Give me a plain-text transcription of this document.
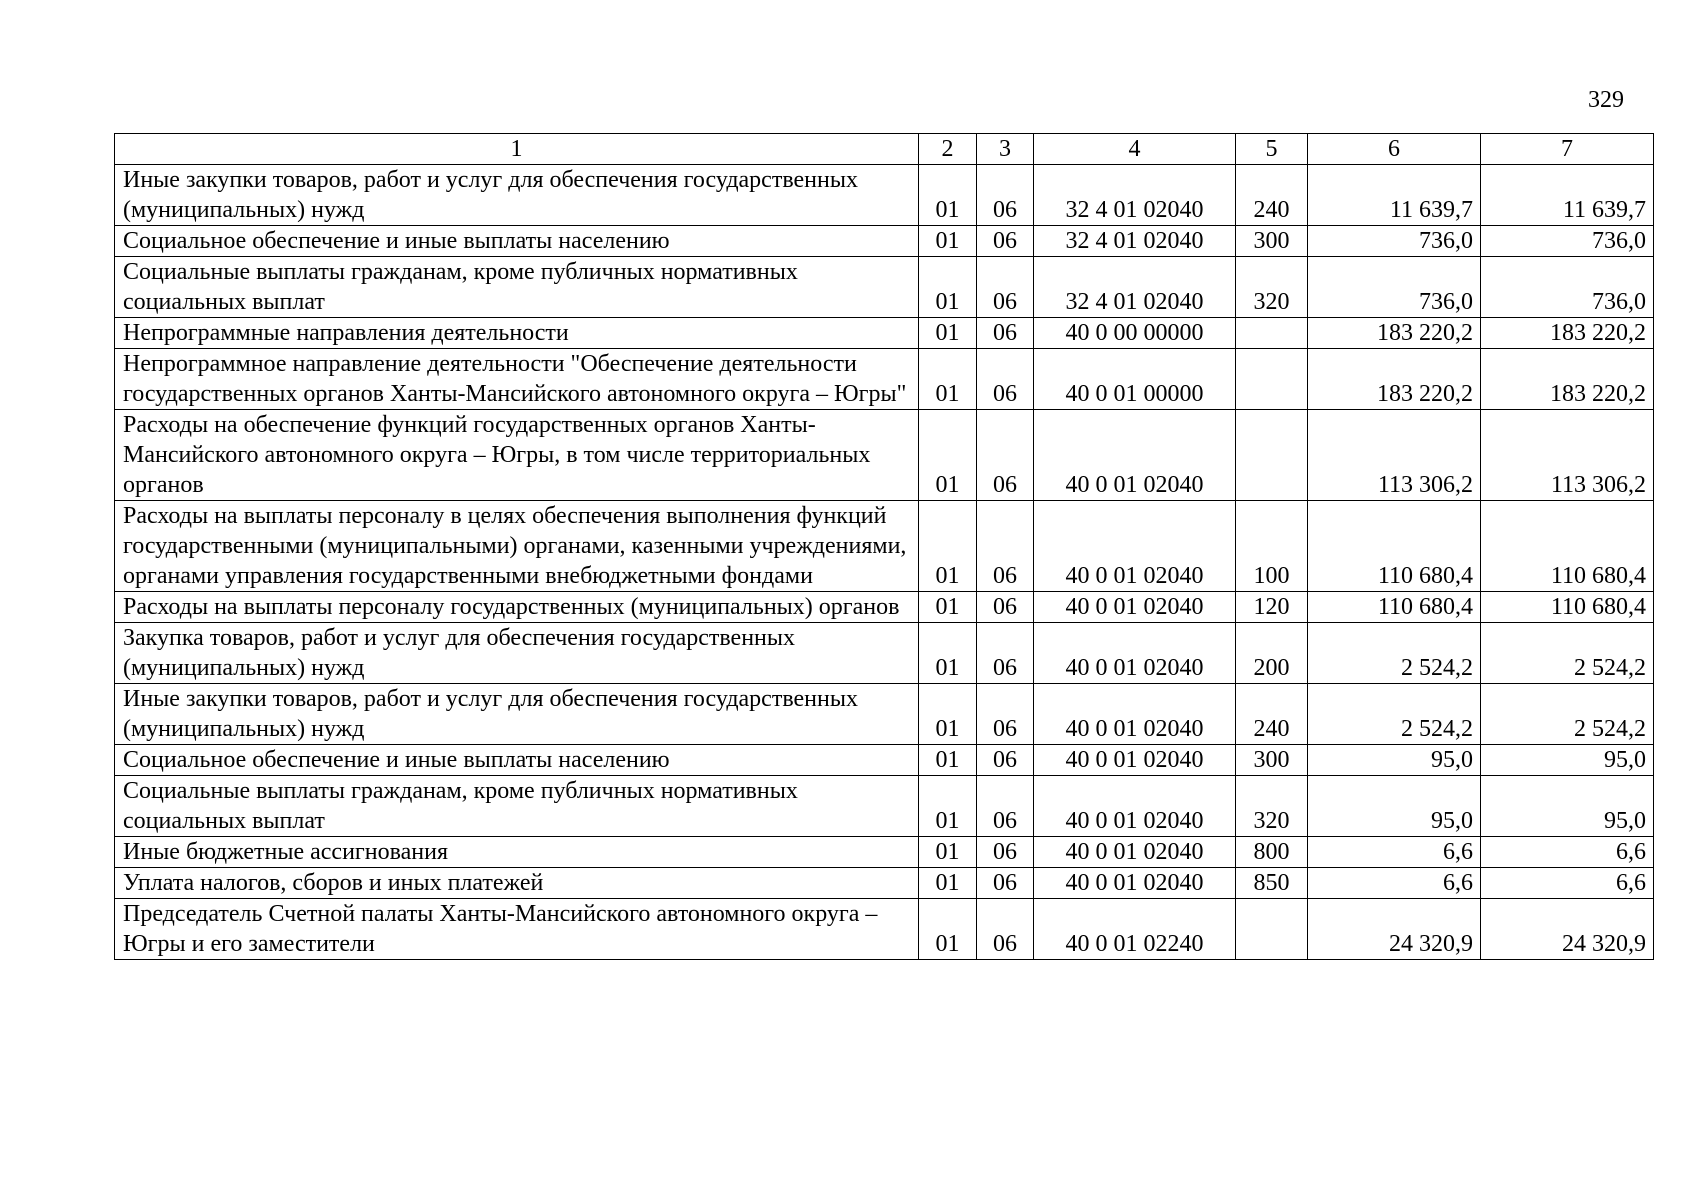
329
1	2	3	4	5	6	7
Иные закупки товаров, работ и услуг для обеспечения государственных (муниципальных) нужд	01	06	32 4 01 02040	240	11 639,7	11 639,7
Социальное обеспечение и иные выплаты населению	01	06	32 4 01 02040	300	736,0	736,0
Социальные выплаты гражданам, кроме публичных нормативных социальных выплат	01	06	32 4 01 02040	320	736,0	736,0
Непрограммные направления деятельности	01	06	40 0 00 00000		183 220,2	183 220,2
Непрограммное направление деятельности "Обеспечение деятельности государственных органов Ханты-Мансийского автономного округа – Югры"	01	06	40 0 01 00000		183 220,2	183 220,2
Расходы на обеспечение функций государственных органов Ханты-Мансийского автономного округа – Югры, в том числе территориальных органов	01	06	40 0 01 02040		113 306,2	113 306,2
Расходы на выплаты персоналу в целях обеспечения выполнения функций государственными (муниципальными) органами, казенными учреждениями, органами управления государственными внебюджетными фондами	01	06	40 0 01 02040	100	110 680,4	110 680,4
Расходы на выплаты персоналу государственных (муниципальных) органов	01	06	40 0 01 02040	120	110 680,4	110 680,4
Закупка товаров, работ и услуг для обеспечения государственных (муниципальных) нужд	01	06	40 0 01 02040	200	2 524,2	2 524,2
Иные закупки товаров, работ и услуг для обеспечения государственных (муниципальных) нужд	01	06	40 0 01 02040	240	2 524,2	2 524,2
Социальное обеспечение и иные выплаты населению	01	06	40 0 01 02040	300	95,0	95,0
Социальные выплаты гражданам, кроме публичных нормативных социальных выплат	01	06	40 0 01 02040	320	95,0	95,0
Иные бюджетные ассигнования	01	06	40 0 01 02040	800	6,6	6,6
Уплата налогов, сборов и иных платежей	01	06	40 0 01 02040	850	6,6	6,6
Председатель Счетной палаты Ханты-Мансийского автономного округа – Югры и его заместители	01	06	40 0 01 02240		24 320,9	24 320,9
